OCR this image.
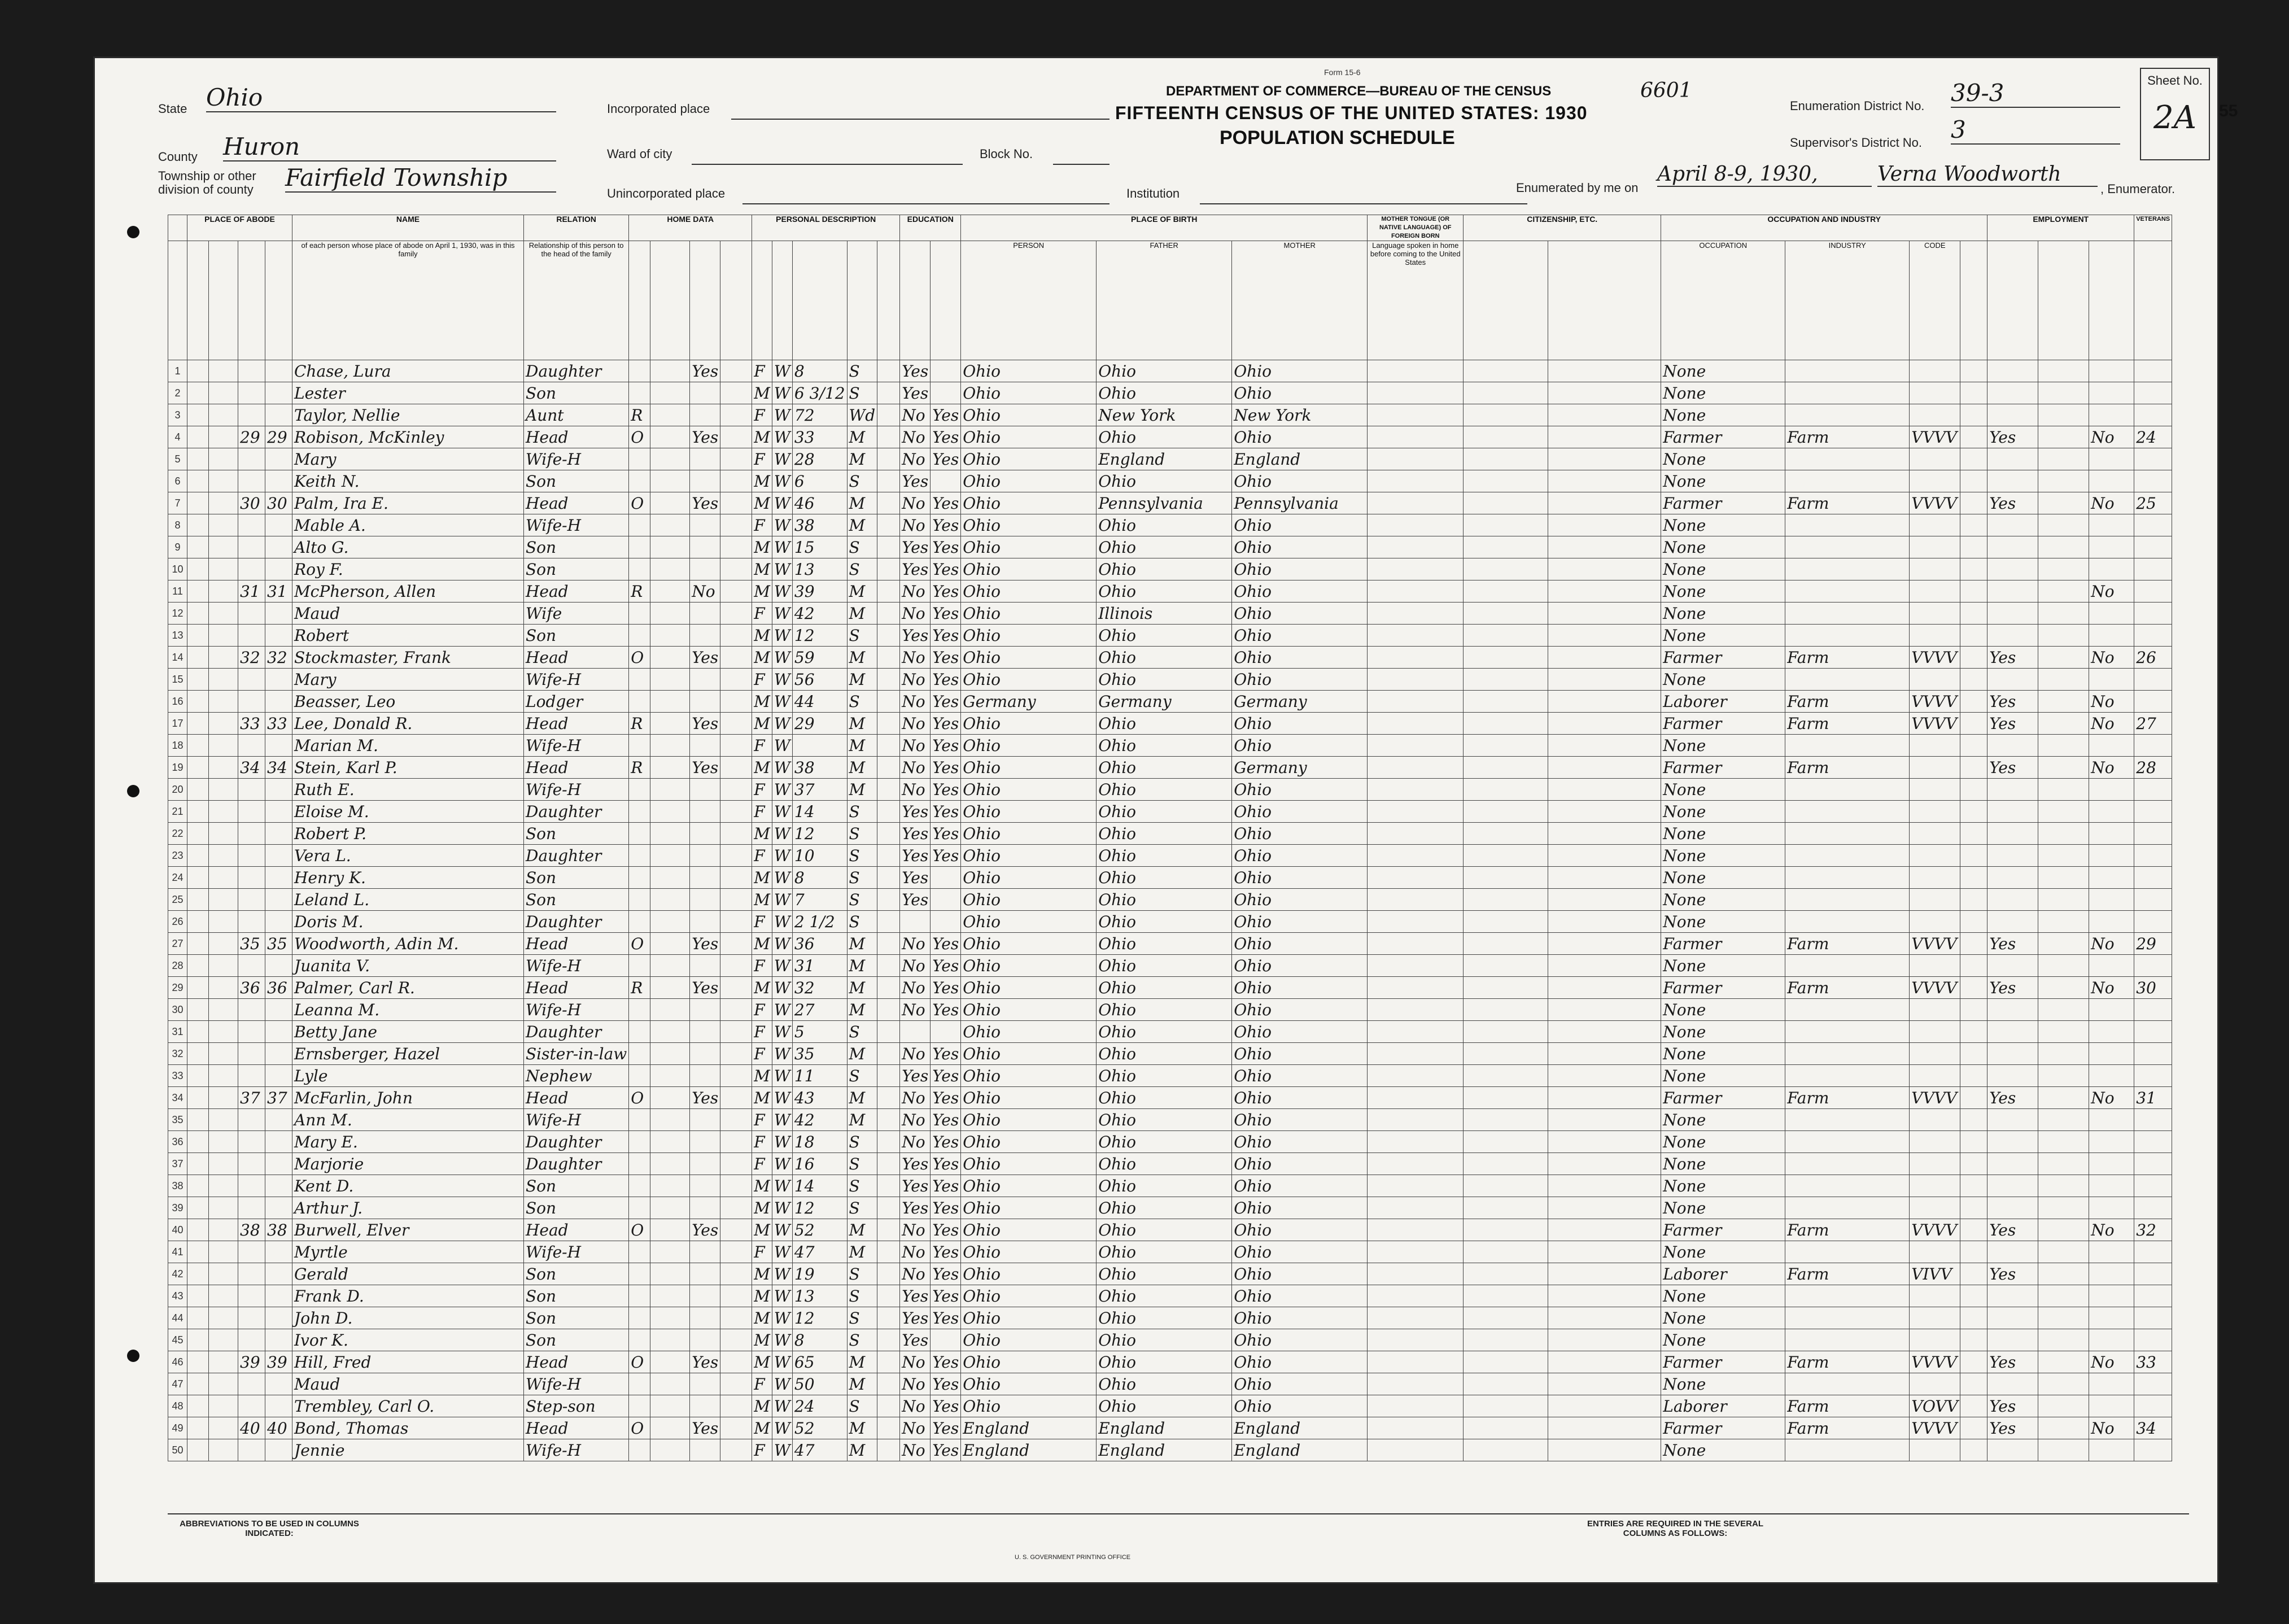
State Ohio
County Huron
Township or other division of county	Fairfield Township
Incorporated place
Ward of city	Block No.
Unincorporated place
Form 15-6
DEPARTMENT OF COMMERCE—BUREAU OF THE CENSUS
FIFTEENTH CENSUS OF THE UNITED STATES: 1930
POPULATION SCHEDULE
6601
Institution
Enumeration District No. 39-3
Supervisor's District No. 3
Sheet No.
2A	55
Enumerated by me on
April 8-9, 1930,	Verna Woodworth
, Enumerator.
	PLACE OF ABODE				NAME	RELATION	HOME DATA				PERSONAL DESCRIPTION					EDUCATION		PLACE OF BIRTH			MOTHER TONGUE (OR NATIVE LANGUAGE) OF FOREIGN BORN	CITIZENSHIP, ETC.		OCCUPATION AND INDUSTRY				EMPLOYMENT			VETERANS
					of each person whose place of abode on April 1, 1930, was in this family	Relationship of this person to the head of the family												PERSON	FATHER	MOTHER	Language spoken in home before coming to the United States			OCCUPATION	INDUSTRY	CODE					
1					Chase, Lura	Daughter			Yes		F	W	8	S		Yes		Ohio	Ohio	Ohio				None							
2					Lester	Son					M	W	6 3/12	S		Yes		Ohio	Ohio	Ohio				None							
3					Taylor, Nellie	Aunt	R				F	W	72	Wd		No	Yes	Ohio	New York	New York				None							
4			29	29	Robison, McKinley	Head	O		Yes		M	W	33	M		No	Yes	Ohio	Ohio	Ohio				Farmer	Farm	VVVV		Yes		No	24
5					Mary	Wife-H					F	W	28	M		No	Yes	Ohio	England	England				None							
6					Keith N.	Son					M	W	6	S		Yes		Ohio	Ohio	Ohio				None							
7			30	30	Palm, Ira E.	Head	O		Yes		M	W	46	M		No	Yes	Ohio	Pennsylvania	Pennsylvania				Farmer	Farm	VVVV		Yes		No	25
8					Mable A.	Wife-H					F	W	38	M		No	Yes	Ohio	Ohio	Ohio				None							
9					Alto G.	Son					M	W	15	S		Yes	Yes	Ohio	Ohio	Ohio				None							
10					Roy F.	Son					M	W	13	S		Yes	Yes	Ohio	Ohio	Ohio				None							
11			31	31	McPherson, Allen	Head	R		No		M	W	39	M		No	Yes	Ohio	Ohio	Ohio				None						No	
12					Maud	Wife					F	W	42	M		No	Yes	Ohio	Illinois	Ohio				None							
13					Robert	Son					M	W	12	S		Yes	Yes	Ohio	Ohio	Ohio				None							
14			32	32	Stockmaster, Frank	Head	O		Yes		M	W	59	M		No	Yes	Ohio	Ohio	Ohio				Farmer	Farm	VVVV		Yes		No	26
15					Mary	Wife-H					F	W	56	M		No	Yes	Ohio	Ohio	Ohio				None							
16					Beasser, Leo	Lodger					M	W	44	S		No	Yes	Germany	Germany	Germany				Laborer	Farm	VVVV		Yes		No	
17			33	33	Lee, Donald R.	Head	R		Yes		M	W	29	M		No	Yes	Ohio	Ohio	Ohio				Farmer	Farm	VVVV		Yes		No	27
18					Marian M.	Wife-H					F	W		M		No	Yes	Ohio	Ohio	Ohio				None							
19			34	34	Stein, Karl P.	Head	R		Yes		M	W	38	M		No	Yes	Ohio	Ohio	Germany				Farmer	Farm			Yes		No	28
20					Ruth E.	Wife-H					F	W	37	M		No	Yes	Ohio	Ohio	Ohio				None							
21					Eloise M.	Daughter					F	W	14	S		Yes	Yes	Ohio	Ohio	Ohio				None							
22					Robert P.	Son					M	W	12	S		Yes	Yes	Ohio	Ohio	Ohio				None							
23					Vera L.	Daughter					F	W	10	S		Yes	Yes	Ohio	Ohio	Ohio				None							
24					Henry K.	Son					M	W	8	S		Yes		Ohio	Ohio	Ohio				None							
25					Leland L.	Son					M	W	7	S		Yes		Ohio	Ohio	Ohio				None							
26					Doris M.	Daughter					F	W	2 1/2	S				Ohio	Ohio	Ohio				None							
27			35	35	Woodworth, Adin M.	Head	O		Yes		M	W	36	M		No	Yes	Ohio	Ohio	Ohio				Farmer	Farm	VVVV		Yes		No	29
28					Juanita V.	Wife-H					F	W	31	M		No	Yes	Ohio	Ohio	Ohio				None							
29			36	36	Palmer, Carl R.	Head	R		Yes		M	W	32	M		No	Yes	Ohio	Ohio	Ohio				Farmer	Farm	VVVV		Yes		No	30
30					Leanna M.	Wife-H					F	W	27	M		No	Yes	Ohio	Ohio	Ohio				None							
31					Betty Jane	Daughter					F	W	5	S				Ohio	Ohio	Ohio				None							
32					Ernsberger, Hazel	Sister-in-law					F	W	35	M		No	Yes	Ohio	Ohio	Ohio				None							
33					Lyle	Nephew					M	W	11	S		Yes	Yes	Ohio	Ohio	Ohio				None							
34			37	37	McFarlin, John	Head	O		Yes		M	W	43	M		No	Yes	Ohio	Ohio	Ohio				Farmer	Farm	VVVV		Yes		No	31
35					Ann M.	Wife-H					F	W	42	M		No	Yes	Ohio	Ohio	Ohio				None							
36					Mary E.	Daughter					F	W	18	S		No	Yes	Ohio	Ohio	Ohio				None							
37					Marjorie	Daughter					F	W	16	S		Yes	Yes	Ohio	Ohio	Ohio				None							
38					Kent D.	Son					M	W	14	S		Yes	Yes	Ohio	Ohio	Ohio				None							
39					Arthur J.	Son					M	W	12	S		Yes	Yes	Ohio	Ohio	Ohio				None							
40			38	38	Burwell, Elver	Head	O		Yes		M	W	52	M		No	Yes	Ohio	Ohio	Ohio				Farmer	Farm	VVVV		Yes		No	32
41					Myrtle	Wife-H					F	W	47	M		No	Yes	Ohio	Ohio	Ohio				None							
42					Gerald	Son					M	W	19	S		No	Yes	Ohio	Ohio	Ohio				Laborer	Farm	VIVV		Yes			
43					Frank D.	Son					M	W	13	S		Yes	Yes	Ohio	Ohio	Ohio				None							
44					John D.	Son					M	W	12	S		Yes	Yes	Ohio	Ohio	Ohio				None							
45					Ivor K.	Son					M	W	8	S		Yes		Ohio	Ohio	Ohio				None							
46			39	39	Hill, Fred	Head	O		Yes		M	W	65	M		No	Yes	Ohio	Ohio	Ohio				Farmer	Farm	VVVV		Yes		No	33
47					Maud	Wife-H					F	W	50	M		No	Yes	Ohio	Ohio	Ohio				None							
48					Trembley, Carl O.	Step-son					M	W	24	S		No	Yes	Ohio	Ohio	Ohio				Laborer	Farm	VOVV		Yes			
49			40	40	Bond, Thomas	Head	O		Yes		M	W	52	M		No	Yes	England	England	England				Farmer	Farm	VVVV		Yes		No	34
50					Jennie	Wife-H					F	W	47	M		No	Yes	England	England	England				None							
ABBREVIATIONS TO BE USED IN COLUMNS INDICATED:
ENTRIES ARE REQUIRED IN THE SEVERAL COLUMNS AS FOLLOWS:
U. S. GOVERNMENT PRINTING OFFICE
